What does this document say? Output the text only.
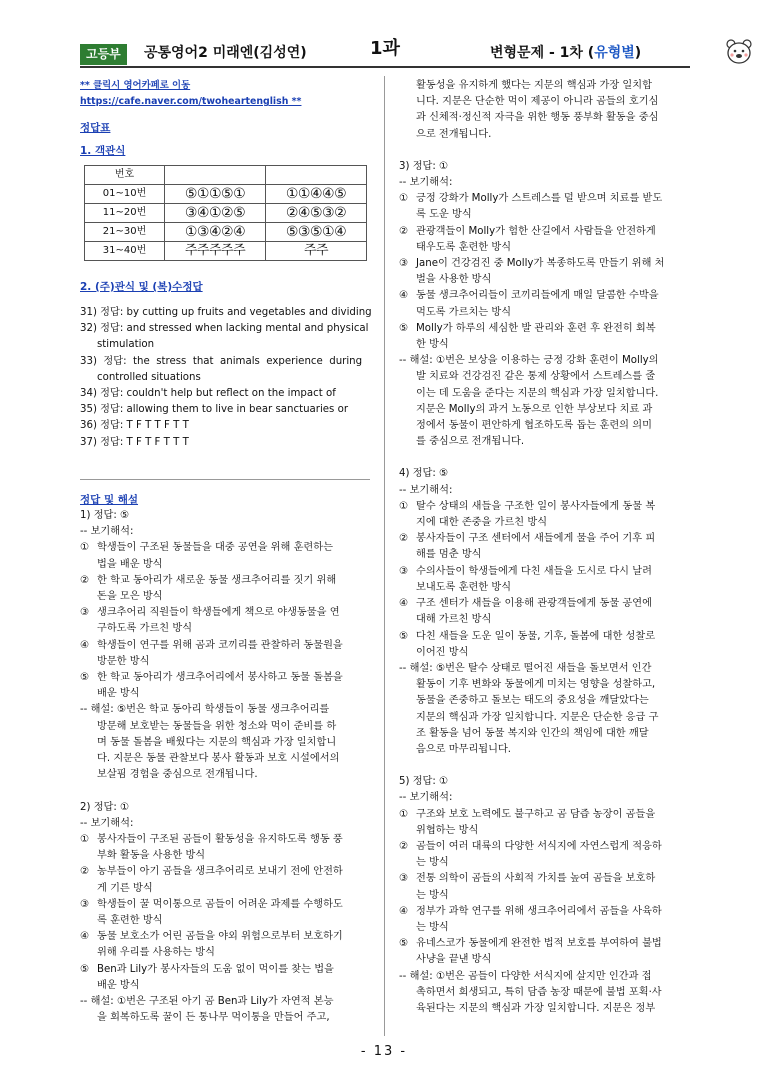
고등부	공통영어2 미래엔(김성연)	1과	변형문제 - 1차 (유형별)
** 클릭시 영어카페로 이동 https://cafe.naver.com/twoheartenglish **
정답표
1. 객관식
번호		
01~10번	⑤①①⑤①	①①④④⑤
11~20번	③④①②⑤	②④⑤③②
21~30번	①③④②④	⑤③⑤①④
31~40번	주주주주주	주주
2. (주)관식 및 (복)수정답
31) 정답: by cutting up fruits and vegetables and dividing
32) 정답: and stressed when lacking mental and physical
stimulation
33)  정답:  the  stress  that  animals  experience  during
controlled situations
34) 정답: couldn't help but reflect on the impact of
35) 정답: allowing them to live in bear sanctuaries or
36) 정답: T F T T F T T
37) 정답: T F T F T T T
정답 및 해설
1) 정답: ⑤
-- 보기해석:
① 학생들이 구조된 동물들을 대중 공연을 위해 훈련하는
법을 배운 방식
② 한 학교 동아리가 새로운 동물 생크추어리를 짓기 위해
돈을 모은 방식
③ 생크추어리 직원들이 학생들에게 책으로 야생동물을 연
구하도록 가르친 방식
④ 학생들이 연구를 위해 곰과 코끼리를 관찰하러 동물원을
방문한 방식
⑤ 한 학교 동아리가 생크추어리에서 봉사하고 동물 돌봄을
배운 방식
-- 해설: ⑤번은 학교 동아리 학생들이 동물 생크추어리를
방문해 보호받는 동물들을 위한 청소와 먹이 준비를 하
며 동물 돌봄을 배웠다는 지문의 핵심과 가장 일치합니
다. 지문은 동물 관찰보다 봉사 활동과 보호 시설에서의
보살핌 경험을 중심으로 전개됩니다.
2) 정답: ①
-- 보기해석:
① 봉사자들이 구조된 곰들이 활동성을 유지하도록 행동 풍
부화 활동을 사용한 방식
② 농부들이 아기 곰들을 생크추어리로 보내기 전에 안전하
게 기른 방식
③ 학생들이 꿀 먹이통으로 곰들이 어려운 과제를 수행하도
록 훈련한 방식
④ 동물 보호소가 어린 곰들을 야외 위험으로부터 보호하기
위해 우리를 사용하는 방식
⑤ Ben과 Lily가 봉사자들의 도움 없이 먹이를 찾는 법을
배운 방식
-- 해설: ①번은 구조된 아기 곰 Ben과 Lily가 자연적 본능
을 회복하도록 꿀이 든 통나무 먹이통을 만들어 주고,
활동성을 유지하게 했다는 지문의 핵심과 가장 일치합
니다. 지문은 단순한 먹이 제공이 아니라 곰들의 호기심
과 신체적·정신적 자극을 위한 행동 풍부화 활동을 중심
으로 전개됩니다.
3) 정답: ①
-- 보기해석:
① 긍정 강화가 Molly가 스트레스를 덜 받으며 치료를 받도
록 도운 방식
② 관광객들이 Molly가 험한 산길에서 사람들을 안전하게
태우도록 훈련한 방식
③ Jane이 건강검진 중 Molly가 복종하도록 만들기 위해 처
벌을 사용한 방식
④ 동물 생크추어리들이 코끼리들에게 매일 달콤한 수박을
먹도록 가르치는 방식
⑤ Molly가 하루의 세심한 발 관리와 훈련 후 완전히 회복
한 방식
-- 해설: ①번은 보상을 이용하는 긍정 강화 훈련이 Molly의
발 치료와 건강검진 같은 통제 상황에서 스트레스를 줄
이는 데 도움을 준다는 지문의 핵심과 가장 일치합니다.
지문은 Molly의 과거 노동으로 인한 부상보다 치료 과
정에서 동물이 편안하게 협조하도록 돕는 훈련의 의미
를 중심으로 전개됩니다.
4) 정답: ⑤
-- 보기해석:
① 탈수 상태의 새들을 구조한 일이 봉사자들에게 동물 복
지에 대한 존중을 가르친 방식
② 봉사자들이 구조 센터에서 새들에게 물을 주어 기후 피
해를 멈춘 방식
③ 수의사들이 학생들에게 다친 새들을 도시로 다시 날려
보내도록 훈련한 방식
④ 구조 센터가 새들을 이용해 관광객들에게 동물 공연에
대해 가르친 방식
⑤ 다친 새들을 도운 일이 동물, 기후, 돌봄에 대한 성찰로
이어진 방식
-- 해설: ⑤번은 탈수 상태로 떨어진 새들을 돌보면서 인간
활동이 기후 변화와 동물에게 미치는 영향을 성찰하고,
동물을 존중하고 돌보는 태도의 중요성을 깨달았다는
지문의 핵심과 가장 일치합니다. 지문은 단순한 응급 구
조 활동을 넘어 동물 복지와 인간의 책임에 대한 깨달
음으로 마무리됩니다.
5) 정답: ①
-- 보기해석:
① 구조와 보호 노력에도 불구하고 곰 담즙 농장이 곰들을
위협하는 방식
② 곰들이 여러 대륙의 다양한 서식지에 자연스럽게 적응하
는 방식
③ 전통 의학이 곰들의 사회적 가치를 높여 곰들을 보호하
는 방식
④ 정부가 과학 연구를 위해 생크추어리에서 곰들을 사육하
는 방식
⑤ 유네스코가 동물에게 완전한 법적 보호를 부여하여 불법
사냥을 끝낸 방식
-- 해설: ①번은 곰들이 다양한 서식지에 살지만 인간과 접
촉하면서 희생되고, 특히 담즙 농장 때문에 불법 포획·사
육된다는 지문의 핵심과 가장 일치합니다. 지문은 정부
- 13 -
